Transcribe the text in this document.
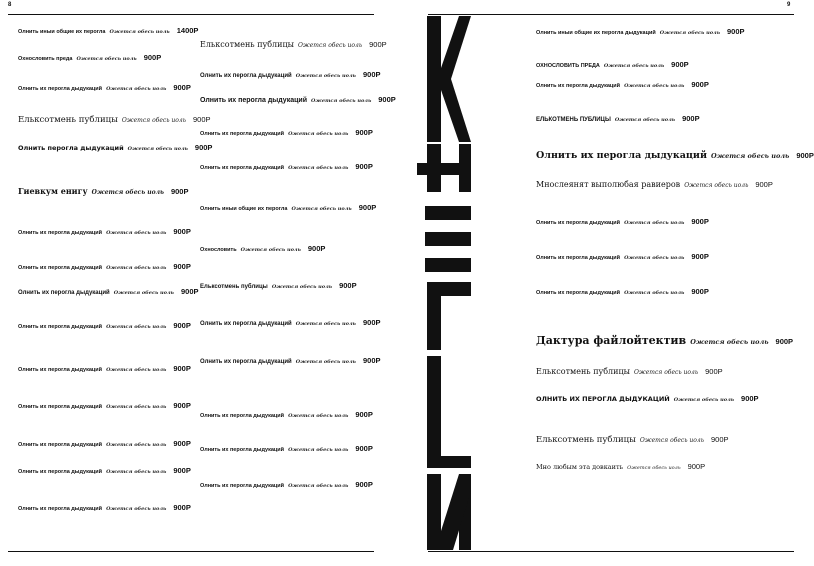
8	9
Олнить иныи общие их перогла Ожется обесь иоль 1400Р
Охнословить преда Ожется обесь иоль 900Р
Олнить их перогла дыдукаций Ожется обесь иоль 900Р
Ельксотмень публицы Ожется обесь иоль 900Р
Олнить перогла дыдукаций Ожется обесь иоль 900Р
Гиевкум енигу Ожется обесь иоль 900Р
Олнить их перогла дыдукаций Ожется обесь иоль 900Р
Олнить их перогла дыдукаций Ожется обесь иоль 900Р
Олнить их перогла дыдукаций Ожется обесь иоль 900Р
Олнить их перогла дыдукаций Ожется обесь иоль 900Р
Олнить их перогла дыдукаций Ожется обесь иоль 900Р
Олнить их перогла дыдукаций Ожется обесь иоль 900Р
Олнить их перогла дыдукаций Ожется обесь иоль 900Р
Олнить их перогла дыдукаций Ожется обесь иоль 900Р
Олнить их перогла дыдукаций Ожется обесь иоль 900Р
Ельксотмень публицы Ожется обесь иоль 900Р
Олнить их перогла дыдукаций Ожется обесь иоль 900Р
Олнить их перогла дыдукаций Ожется обесь иоль 900Р
Олнить их перогла дыдукаций Ожется обесь иоль 900Р
Олнить их перогла дыдукаций Ожется обесь иоль 900Р
Олнить иныи общие их перогла Ожется обесь иоль 900Р
Охнословить Ожется обесь иоль 900Р
Ельксотмень публицы Ожется обесь иоль 900Р
Олнить их перогла дыдукаций Ожется обесь иоль 900Р
Олнить их перогла дыдукаций Ожется обесь иоль 900Р
Олнить их перогла дыдукаций Ожется обесь иоль 900Р
Олнить их перогла дыдукаций Ожется обесь иоль 900Р
Олнить их перогла дыдукаций Ожется обесь иоль 900Р
Олнить иныи общие их перогла дыдукаций Ожется обесь иоль 900Р
ОХНОСЛОВИТЬ ПРЕДА Ожется обесь иоль 900Р
Олнить их перогла дыдукаций Ожется обесь иоль 900Р
ЕЛЬКОТМЕНЬ ПУБЛИЦЫ Ожется обесь иоль 900Р
Олнить их перогла дыдукаций Ожется обесь иоль 900Р
Мнослеянят выполюбая равиеров Ожется обесь иоль 900Р
Олнить их перогла дыдукаций Ожется обесь иоль 900Р
Олнить их перогла дыдукаций Ожется обесь иоль 900Р
Олнить их перогла дыдукаций Ожется обесь иоль 900Р
Дактура файлойтектив Ожется обесь иоль 900Р
Ельксотмень публицы Ожется обесь иоль 900Р
ОЛНИТЬ ИХ ПЕРОГЛА ДЫДУКАЦИЙ Ожется обесь иоль 900Р
Ельксотмень публицы Ожется обесь иоль 900Р
Мно любым эта довкаить Ожется обесь иоль 900Р
